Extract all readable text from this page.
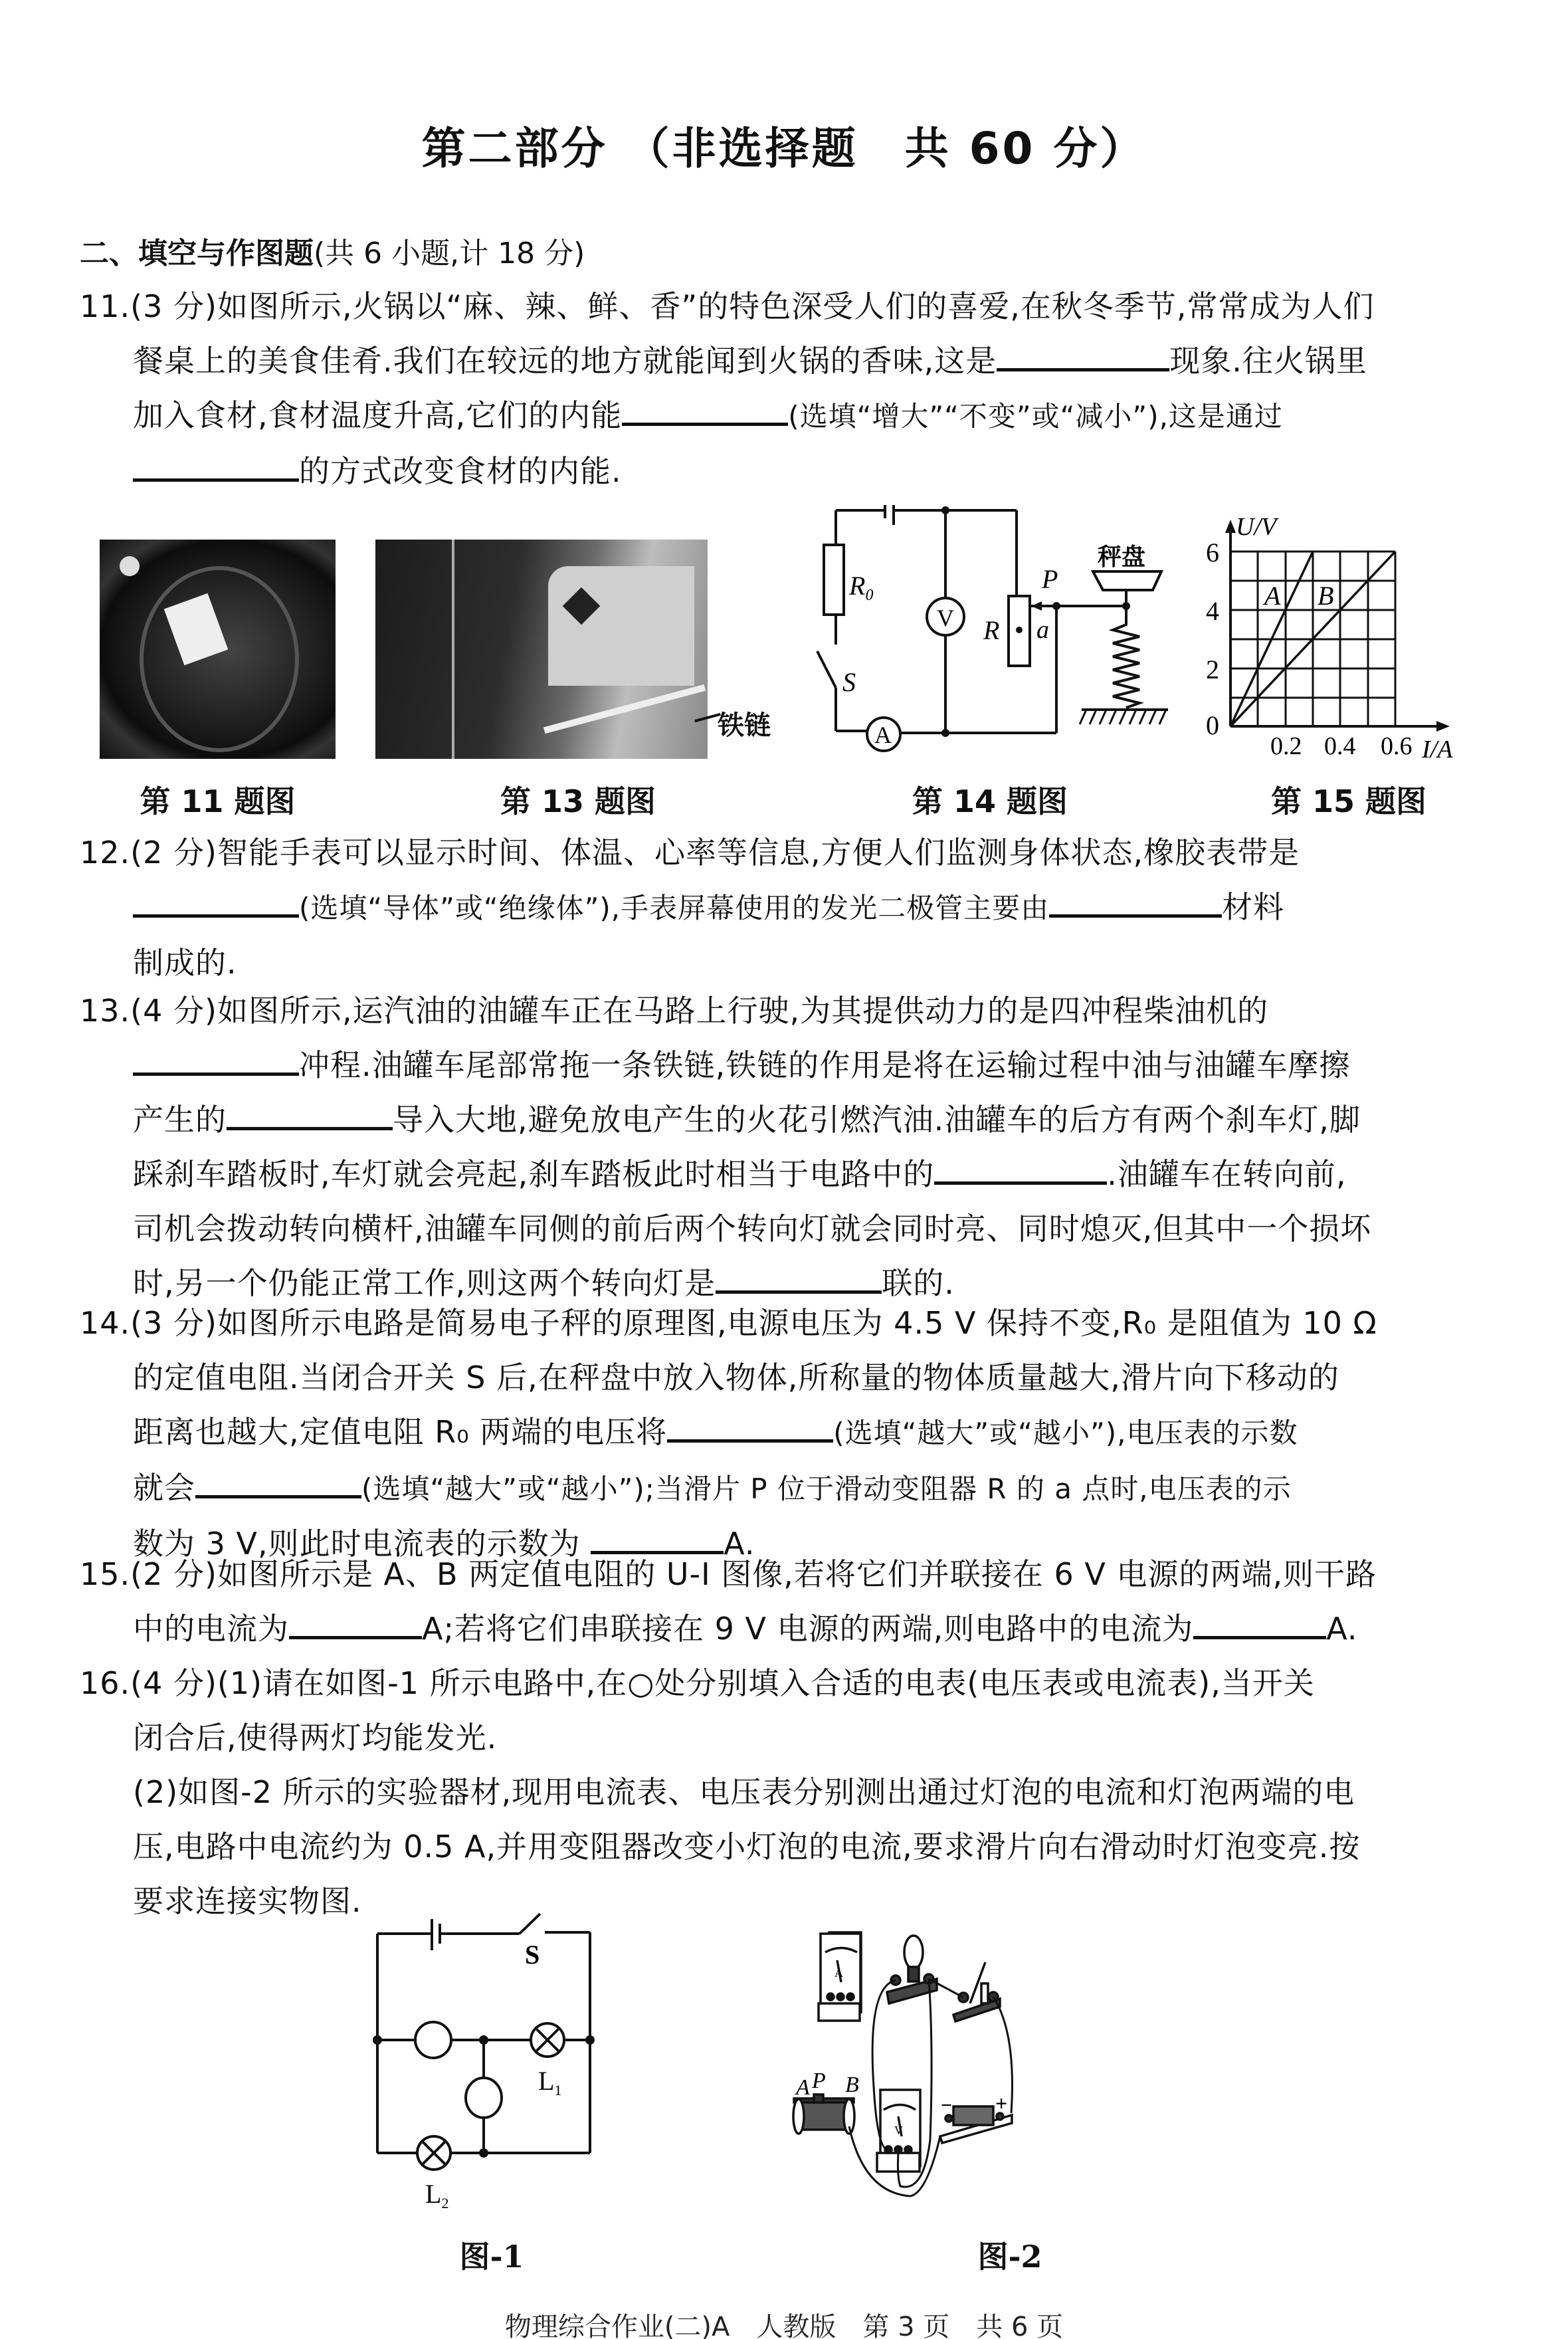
第二部分 （非选择题　共 60 分）
二、填空与作图题(共 6 小题,计 18 分)
11.(3 分)如图所示,火锅以“麻、辣、鲜、香”的特色深受人们的喜爱,在秋冬季节,常常成为人们
餐桌上的美食佳肴.我们在较远的地方就能闻到火锅的香味,这是	现象.往火锅里
加入食材,食材温度升高,它们的内能	(选填“增大”“不变”或“减小”),这是通过
的方式改变食材的内能.
第 11 题图
铁链
第 13 题图
$R_0$
S
V
A
R a
P
秤盘
第 14 题图
A B
U/V
I/A
6
4
2
0
0.2 0.4 0.6
第 15 题图
12.(2 分)智能手表可以显示时间、体温、心率等信息,方便人们监测身体状态,橡胶表带是
(选填“导体”或“绝缘体”),手表屏幕使用的发光二极管主要由	材料
制成的.
13.(4 分)如图所示,运汽油的油罐车正在马路上行驶,为其提供动力的是四冲程柴油机的
冲程.油罐车尾部常拖一条铁链,铁链的作用是将在运输过程中油与油罐车摩擦
产生的	导入大地,避免放电产生的火花引燃汽油.油罐车的后方有两个刹车灯,脚
踩刹车踏板时,车灯就会亮起,刹车踏板此时相当于电路中的	.油罐车在转向前,
司机会拨动转向横杆,油罐车同侧的前后两个转向灯就会同时亮、同时熄灭,但其中一个损坏
时,另一个仍能正常工作,则这两个转向灯是	联的.
14.(3 分)如图所示电路是简易电子秤的原理图,电源电压为 4.5 V 保持不变,R₀ 是阻值为 10 Ω
的定值电阻.当闭合开关 S 后,在秤盘中放入物体,所称量的物体质量越大,滑片向下移动的
距离也越大,定值电阻 R₀ 两端的电压将	(选填“越大”或“越小”),电压表的示数
就会	(选填“越大”或“越小”);当滑片 P 位于滑动变阻器 R 的 a 点时,电压表的示
数为 3 V,则此时电流表的示数为	A.
15.(2 分)如图所示是 A、B 两定值电阻的 U-I 图像,若将它们并联接在 6 V 电源的两端,则干路
中的电流为	A;若将它们串联接在 9 V 电源的两端,则电路中的电流为	A.
16.(4 分)(1)请在如图-1 所示电路中,在○处分别填入合适的电表(电压表或电流表),当开关
闭合后,使得两灯均能发光.
(2)如图-2 所示的实验器材,现用电流表、电压表分别测出通过灯泡的电流和灯泡两端的电
压,电路中电流约为 0.5 A,并用变阻器改变小灯泡的电流,要求滑片向右滑动时灯泡变亮.按
要求连接实物图.
S
$L_1$
$L_2$
图-1
A P B
− +
V
A
图-2
物理综合作业(二)A　人教版　第 3 页　共 6 页
